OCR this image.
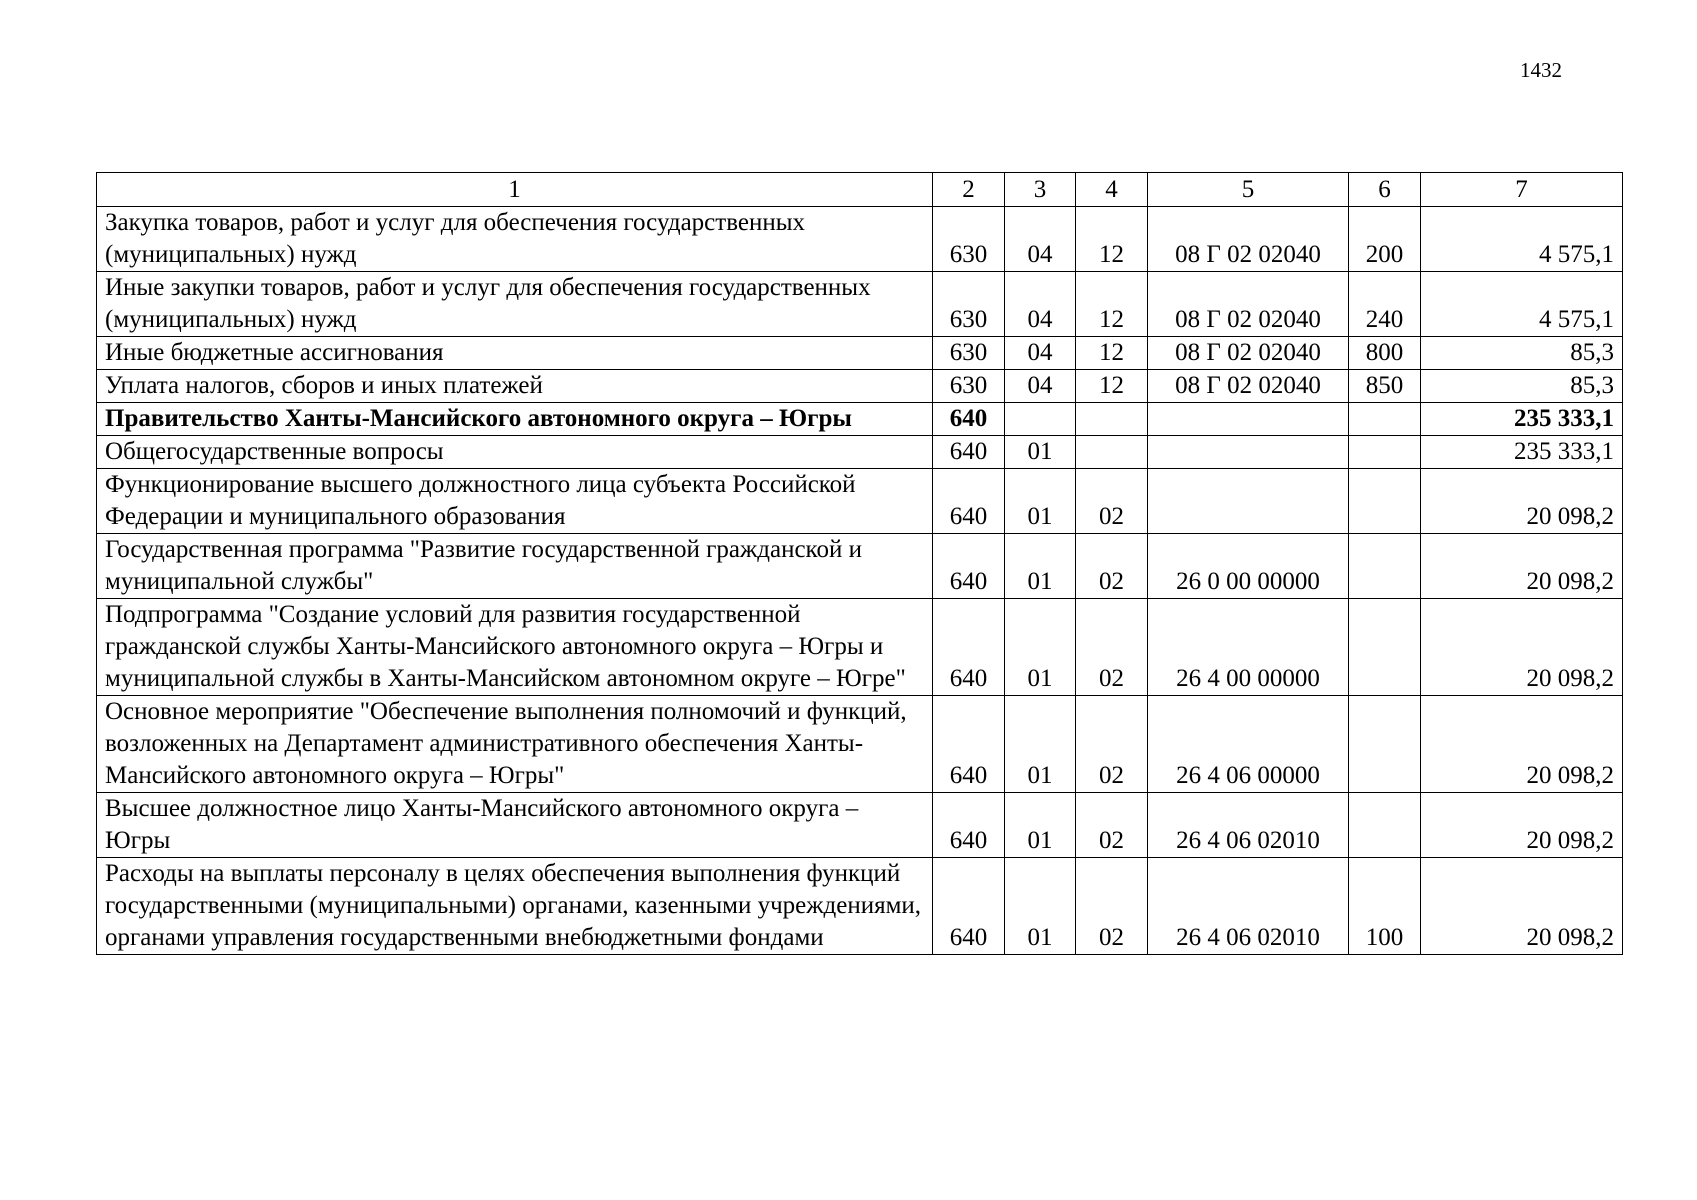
1432
1	2	3	4	5	6	7
Закупка товаров, работ и услуг для обеспечения государственных (муниципальных) нужд	630	04	12	08 Г 02 02040	200	4 575,1
Иные закупки товаров, работ и услуг для обеспечения государственных (муниципальных) нужд	630	04	12	08 Г 02 02040	240	4 575,1
Иные бюджетные ассигнования	630	04	12	08 Г 02 02040	800	85,3
Уплата налогов, сборов и иных платежей	630	04	12	08 Г 02 02040	850	85,3
Правительство Ханты-Мансийского автономного округа – Югры	640					235 333,1
Общегосударственные вопросы	640	01				235 333,1
Функционирование высшего должностного лица субъекта Российской Федерации и муниципального образования	640	01	02			20 098,2
Государственная программа "Развитие государственной гражданской и муниципальной службы"	640	01	02	26 0 00 00000		20 098,2
Подпрограмма "Создание условий для развития государственной гражданской службы Ханты-Мансийского автономного округа – Югры и муниципальной службы в Ханты-Мансийском автономном округе – Югре"	640	01	02	26 4 00 00000		20 098,2
Основное мероприятие "Обеспечение выполнения полномочий и функций, возложенных на Департамент административного обеспечения Ханты-Мансийского автономного округа – Югры"	640	01	02	26 4 06 00000		20 098,2
Высшее должностное лицо Ханты-Мансийского автономного округа – Югры	640	01	02	26 4 06 02010		20 098,2
Расходы на выплаты персоналу в целях обеспечения выполнения функций государственными (муниципальными) органами, казенными учреждениями, органами управления государственными внебюджетными фондами	640	01	02	26 4 06 02010	100	20 098,2
